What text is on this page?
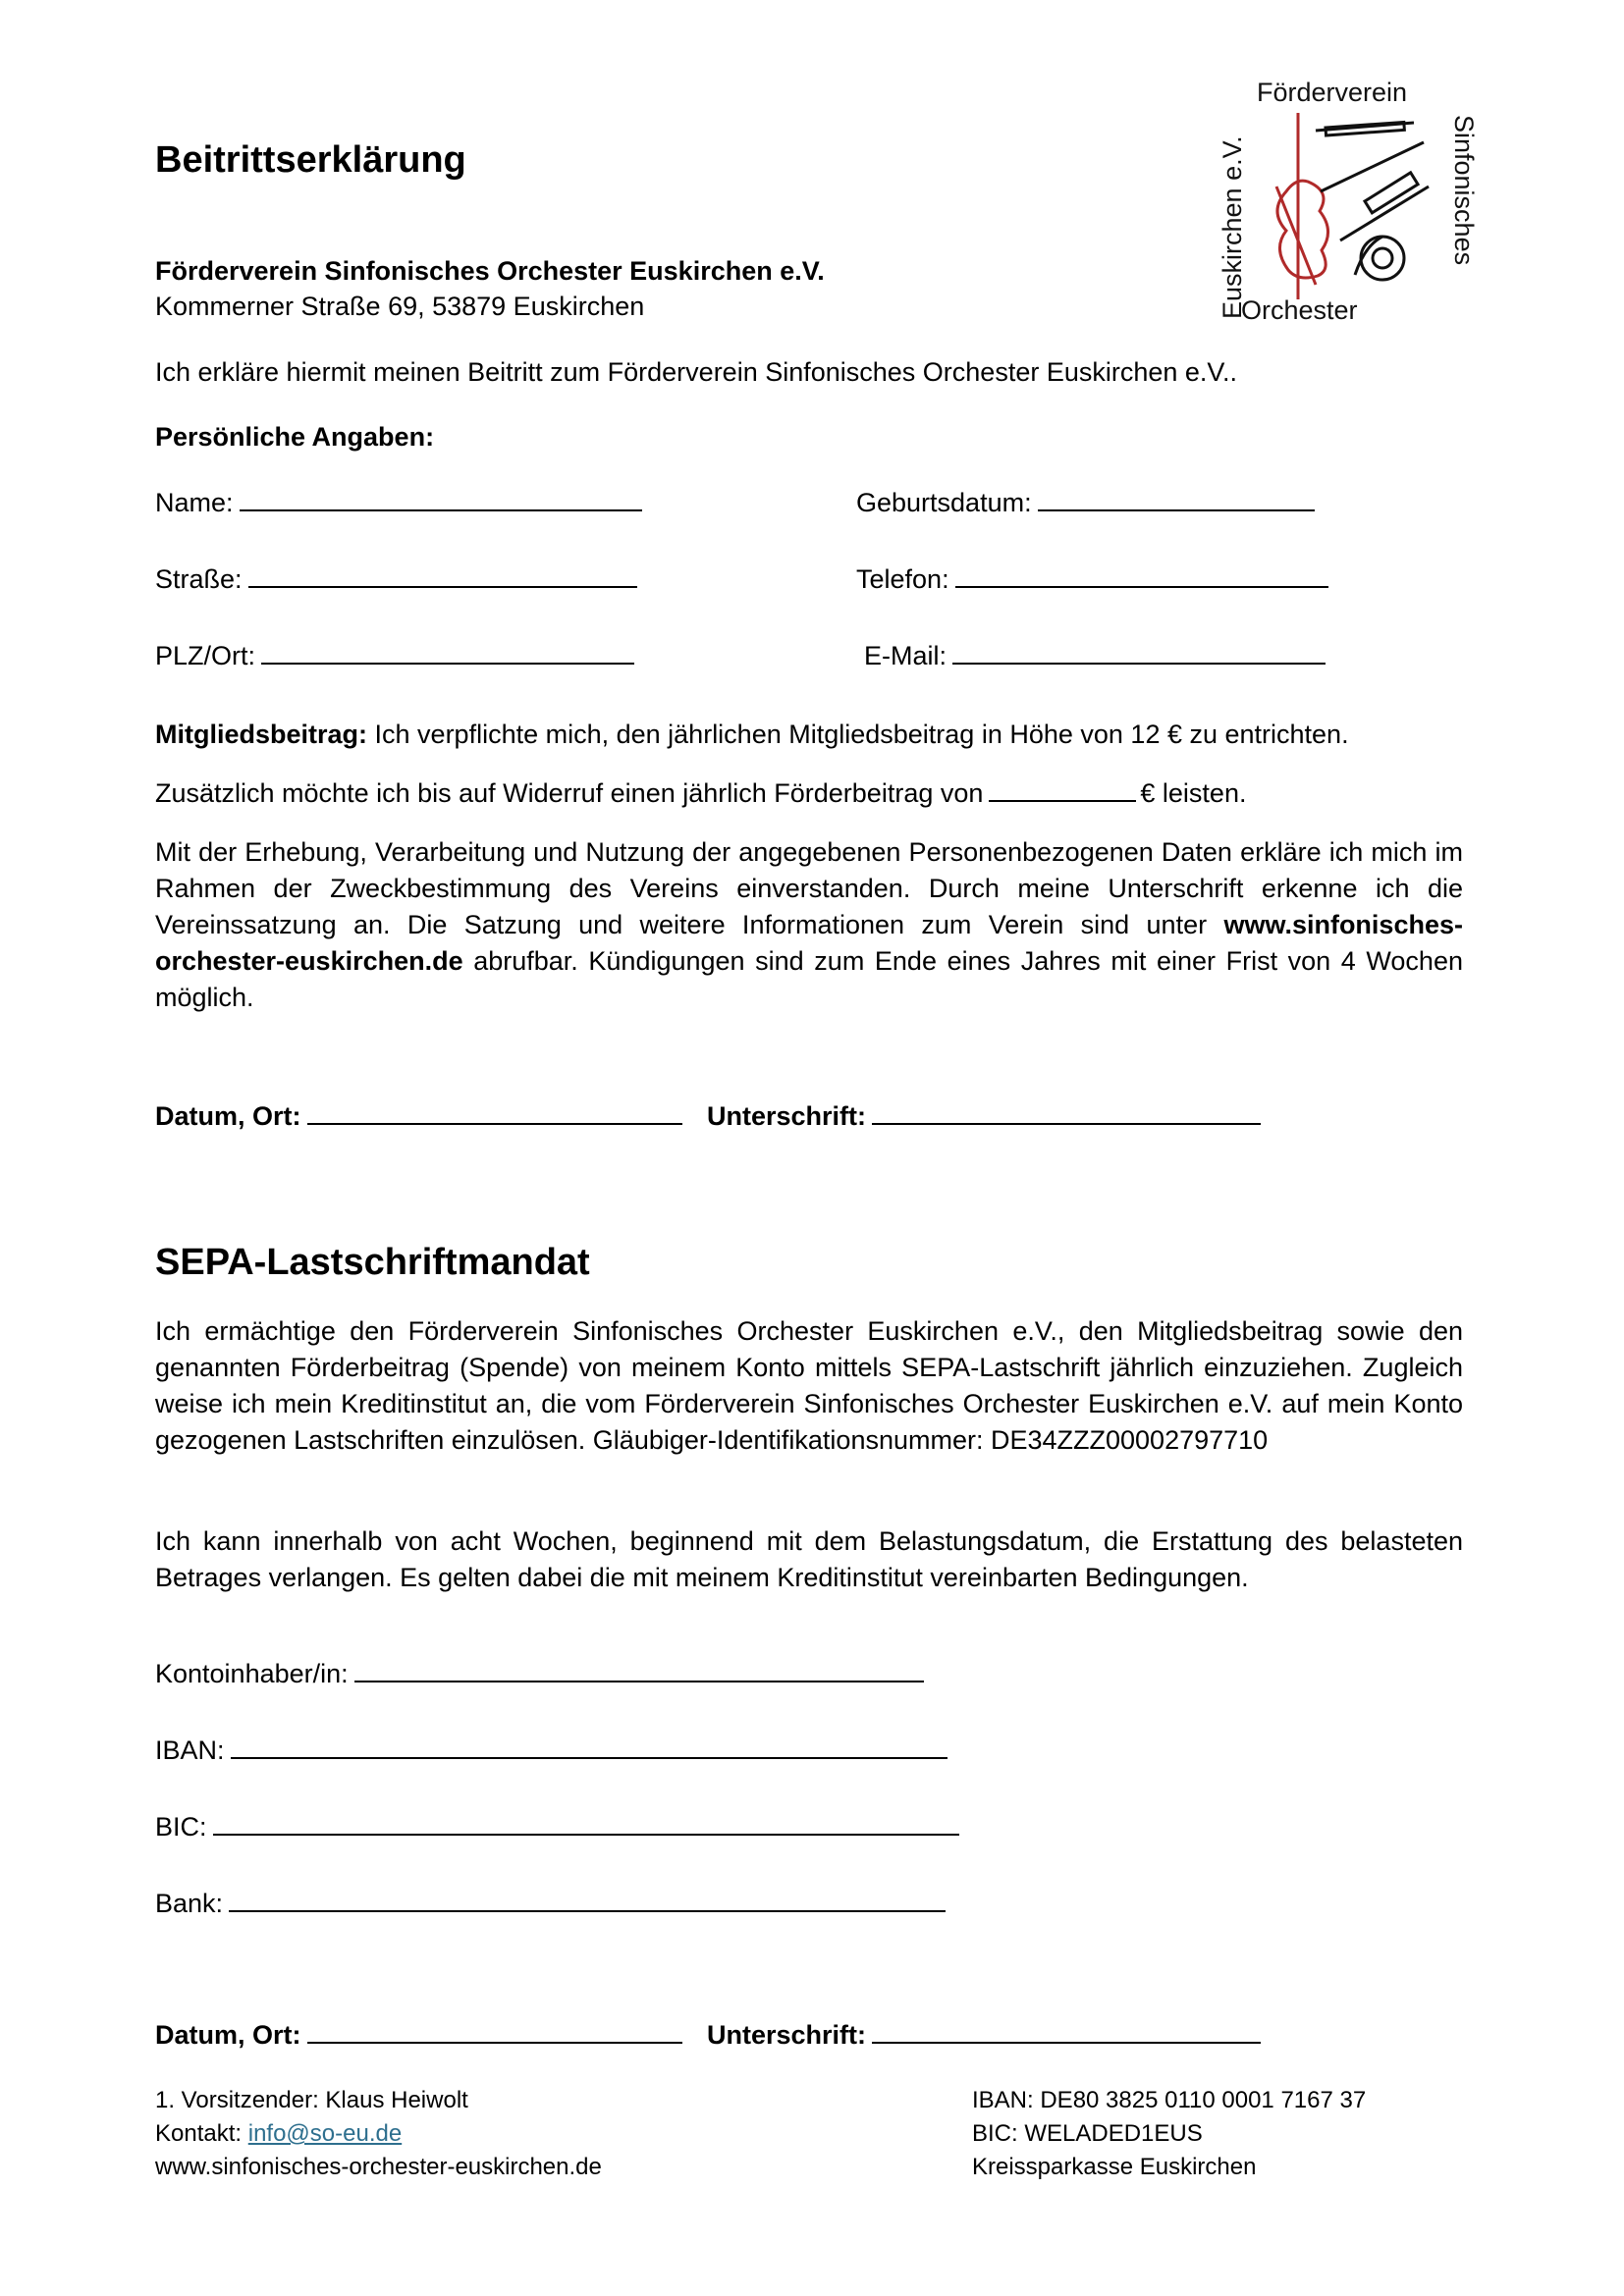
Förderverein
Orchester
Euskirchen e.V.	Sinfonisches
Beitrittserklärung
Förderverein Sinfonisches Orchester Euskirchen e.V.
Kommerner Straße 69, 53879 Euskirchen
Ich erkläre hiermit meinen Beitritt zum Förderverein Sinfonisches Orchester Euskirchen e.V..
Persönliche Angaben:
Name:	Geburtsdatum:
Straße:	Telefon:
PLZ/Ort:	E-Mail:
Mitgliedsbeitrag: Ich verpflichte mich, den jährlichen Mitgliedsbeitrag in Höhe von 12 € zu entrichten.
Zusätzlich möchte ich bis auf Widerruf einen jährlich Förderbeitrag von	€ leisten.
Mit der Erhebung, Verarbeitung und Nutzung der angegebenen Personenbezogenen Daten erkläre ich mich im Rahmen der Zweckbestimmung des Vereins einverstanden. Durch meine Unterschrift erkenne ich die Vereinssatzung an. Die Satzung und weitere Informationen zum Verein sind unter www.sinfonisches-orchester-euskirchen.de abrufbar. Kündigungen sind zum Ende eines Jahres mit einer Frist von 4 Wochen möglich.
Datum, Ort:	Unterschrift:
SEPA-Lastschriftmandat
Ich ermächtige den Förderverein Sinfonisches Orchester Euskirchen e.V., den Mitgliedsbeitrag sowie den genannten Förderbeitrag (Spende) von meinem Konto mittels SEPA-Lastschrift jährlich einzuziehen. Zugleich weise ich mein Kreditinstitut an, die vom Förderverein Sinfonisches Orchester Euskirchen e.V. auf mein Konto gezogenen Lastschriften einzulösen. Gläubiger-Identifikationsnummer: DE34ZZZ00002797710
Ich kann innerhalb von acht Wochen, beginnend mit dem Belastungsdatum, die Erstattung des belasteten Betrages verlangen. Es gelten dabei die mit meinem Kreditinstitut vereinbarten Bedingungen.
Kontoinhaber/in:
IBAN:
BIC:
Bank:
Datum, Ort:	Unterschrift:
1. Vorsitzender: Klaus Heiwolt
Kontakt: info@so-eu.de
www.sinfonisches-orchester-euskirchen.de
IBAN: DE80 3825 0110 0001 7167 37
BIC: WELADED1EUS
Kreissparkasse Euskirchen
